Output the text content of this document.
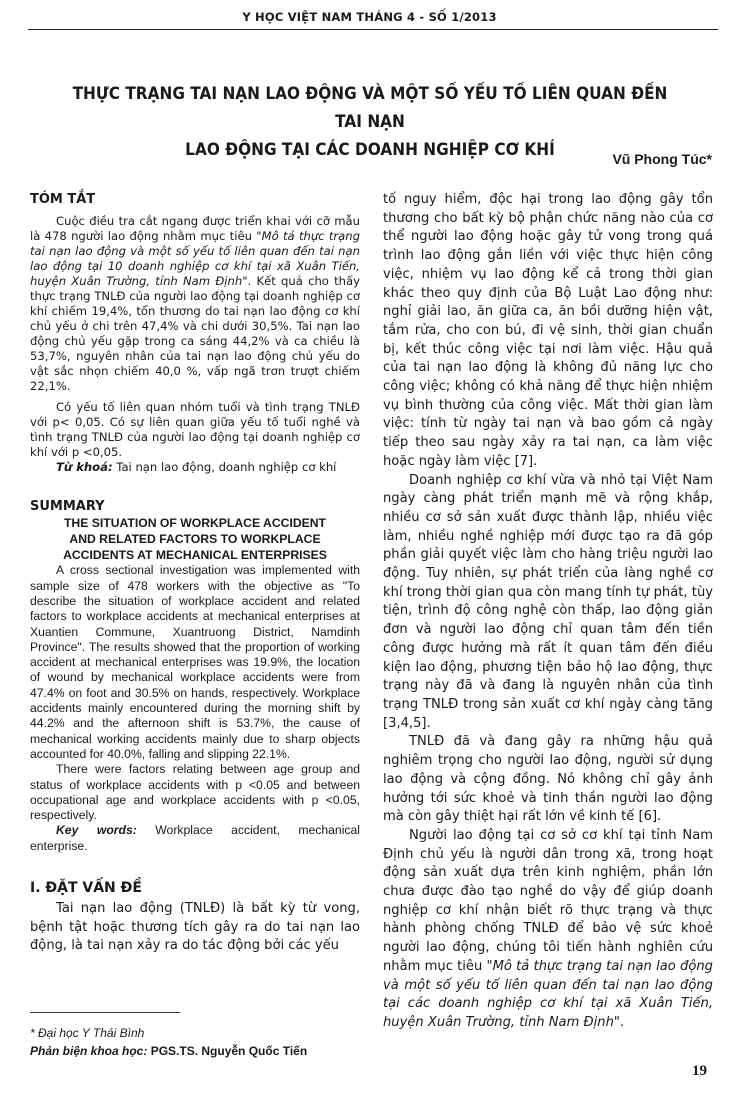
Y HỌC VIỆT NAM THÁNG 4 - SỐ 1/2013
THỰC TRẠNG TAI NẠN LAO ĐỘNG VÀ MỘT SỐ YẾU TỐ LIÊN QUAN ĐẾN TAI NẠN
LAO ĐỘNG TẠI CÁC DOANH NGHIỆP CƠ KHÍ	Vũ Phong Túc*
TÓM TẮT

Cuộc điều tra cắt ngang được triển khai với cỡ mẫu là 478 người lao động nhằm mục tiêu "Mô tả thực trạng tai nạn lao động và một số yếu tố liên quan đến tai nạn lao động tại 10 doanh nghiệp cơ khí tại xã Xuân Tiến, huyện Xuân Trường, tỉnh Nam Định". Kết quả cho thấy thực trạng TNLĐ của người lao động tại doanh nghiệp cơ khí chiếm 19,4%, tổn thương do tai nạn lao động cơ khí chủ yếu ở chi trên 47,4% và chi dưới 30,5%. Tai nạn lao động chủ yếu gặp trong ca sáng 44,2% và ca chiều là 53,7%, nguyên nhân của tai nạn lao động chủ yếu do vật sắc nhọn chiếm 40,0 %, vấp ngã trơn trượt chiếm 22,1%.

Có yếu tố liên quan nhóm tuổi và tình trạng TNLĐ với p< 0,05. Có sự liên quan giữa yếu tố tuổi nghề và tình trạng TNLĐ của người lao động tại doanh nghiệp cơ khí với p <0,05.

Từ khoá: Tai nạn lao động, doanh nghiệp cơ khí

SUMMARY

THE SITUATION OF WORKPLACE ACCIDENT

AND RELATED FACTORS TO WORKPLACE

ACCIDENTS AT MECHANICAL ENTERPRISES

A cross sectional investigation was implemented with sample size of 478 workers with the objective as "To describe the situation of workplace accident and related factors to workplace accidents at mechanical enterprises at Xuantien Commune, Xuantruong District, Namdinh Province". The results showed that the proportion of working accident at mechanical enterprises was 19.9%, the location of wound by mechanical workplace accidents were from 47.4% on foot and 30.5% on hands, respectively. Workplace accidents mainly encountered during the morning shift by 44.2% and the afternoon shift is 53.7%, the cause of mechanical working accidents mainly due to sharp objects accounted for 40.0%, falling and slipping 22.1%.

There were factors relating between age group and status of workplace accidents with p <0.05 and between occupational age and workplace accidents with p <0.05, respectively.

Key words: Workplace accident, mechanical enterprise.

I. ĐẶT VẤN ĐỀ

Tai nạn lao động (TNLĐ) là bất kỳ từ vong, bệnh tật hoặc thương tích gây ra do tai nạn lao động, là tai nạn xảy ra do tác động bởi các yếu

tố nguy hiểm, độc hại trong lao động gây tổn thương cho bất kỳ bộ phận chức năng nào của cơ thể người lao động hoặc gây tử vong trong quá trình lao động gắn liền với việc thực hiện công việc, nhiệm vụ lao động kể cả trong thời gian khác theo quy định của Bộ Luật Lao động như: nghỉ giải lao, ăn giữa ca, ăn bồi dưỡng hiện vật, tắm rửa, cho con bú, đi vệ sinh, thời gian chuẩn bị, kết thúc công việc tại nơi làm việc. Hậu quả của tai nạn lao động là không đủ năng lực cho công việc; không có khả năng để thực hiện nhiệm vụ bình thường của công việc. Mất thời gian làm việc: tính từ ngày tai nạn và bao gồm cả ngày tiếp theo sau ngày xảy ra tai nạn, ca làm việc hoặc ngày làm việc [7].

Doanh nghiệp cơ khí vừa và nhỏ tại Việt Nam ngày càng phát triển mạnh mẽ và rộng khắp, nhiều cơ sở sản xuất được thành lập, nhiều việc làm, nhiều nghề nghiệp mới được tạo ra đã góp phần giải quyết việc làm cho hàng triệu người lao động. Tuy nhiên, sự phát triển của làng nghề cơ khí trong thời gian qua còn mang tính tự phát, tùy tiện, trình độ công nghệ còn thấp, lao động giản đơn và người lao động chỉ quan tâm đến tiền công được hưởng mà rất ít quan tâm đến điều kiện lao động, phương tiện bảo hộ lao động, thực trạng này đã và đang là nguyên nhân của tình trạng TNLĐ trong sản xuất cơ khí ngày càng tăng [3,4,5].

TNLĐ đã và đang gây ra những hậu quả nghiêm trọng cho người lao động, người sử dụng lao động và cộng đồng. Nó không chỉ gây ảnh hưởng tới sức khoẻ và tinh thần người lao động mà còn gây thiệt hại rất lớn về kinh tế [6].

Người lao động tại cơ sở cơ khí tại tỉnh Nam Định chủ yếu là người dân trong xã, trong hoạt động sản xuất dựa trên kinh nghiệm, phần lớn chưa được đào tạo nghề do vậy để giúp doanh nghiệp cơ khí nhận biết rõ thực trạng và thực hành phòng chống TNLĐ để bảo vệ sức khoẻ người lao động, chúng tôi tiến hành nghiên cứu nhằm mục tiêu "Mô tả thực trạng tai nạn lao động và một số yếu tố liên quan đến tai nạn lao động tại các doanh nghiệp cơ khí tại xã Xuân Tiến, huyện Xuân Trường, tỉnh Nam Định".

* Đại học Y Thái Bình
Phản biện khoa học: PGS.TS. Nguyễn Quốc Tiến
19
